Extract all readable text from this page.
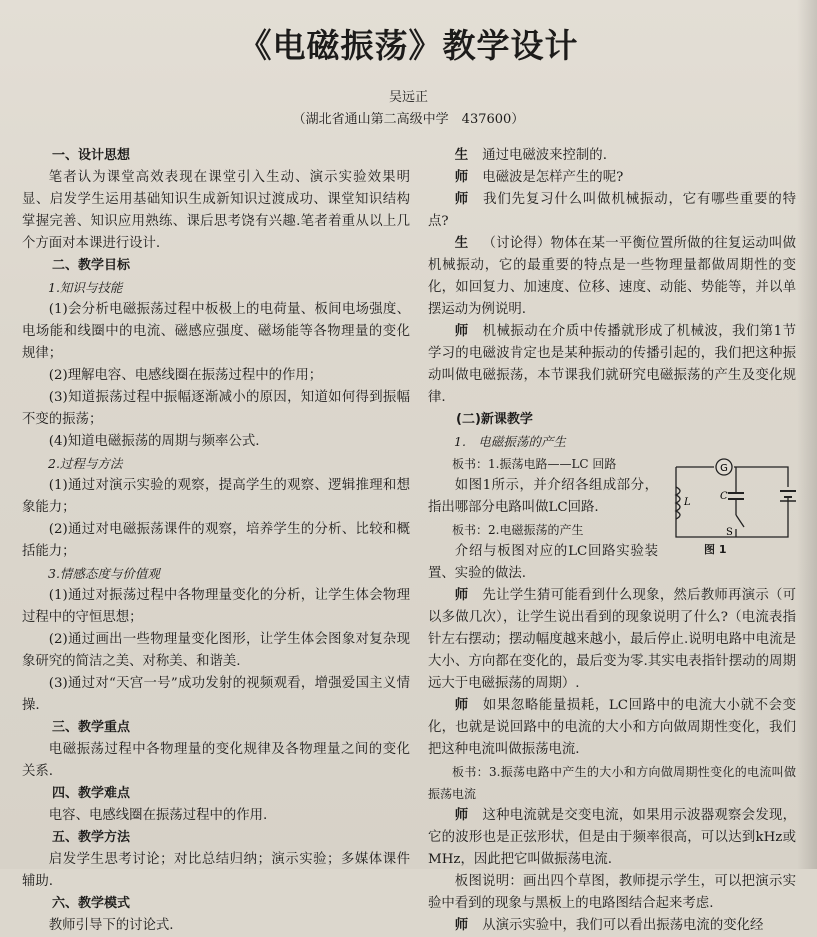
《电磁振荡》教学设计
吴远正
（湖北省通山第二高级中学　437600）

一、设计思想

笔者认为课堂高效表现在课堂引入生动、演示实验效果明显、启发学生运用基础知识生成新知识过渡成功、课堂知识结构掌握完善、知识应用熟练、课后思考饶有兴趣.笔者着重从以上几个方面对本课进行设计.

二、教学目标

1.知识与技能

(1)会分析电磁振荡过程中板极上的电荷量、板间电场强度、电场能和线圈中的电流、磁感应强度、磁场能等各物理量的变化规律；

(2)理解电容、电感线圈在振荡过程中的作用；

(3)知道振荡过程中振幅逐渐减小的原因，知道如何得到振幅不变的振荡；

(4)知道电磁振荡的周期与频率公式.

2.过程与方法

(1)通过对演示实验的观察，提高学生的观察、逻辑推理和想象能力；

(2)通过对电磁振荡课件的观察，培养学生的分析、比较和概括能力；

3.情感态度与价值观

(1)通过对振荡过程中各物理量变化的分析，让学生体会物理过程中的守恒思想；

(2)通过画出一些物理量变化图形，让学生体会图象对复杂现象研究的简洁之美、对称美、和谐美.

(3)通过对“天宫一号”成功发射的视频观看，增强爱国主义情操.

三、教学重点

电磁振荡过程中各物理量的变化规律及各物理量之间的变化关系.

四、教学难点

电容、电感线圈在振荡过程中的作用.

五、教学方法

启发学生思考讨论；对比总结归纳；演示实验；多媒体课件辅助.

六、教学模式

教师引导下的讨论式.

生 通过电磁波来控制的.

师 电磁波是怎样产生的呢?

师 我们先复习什么叫做机械振动，它有哪些重要的特点?

生 （讨论得）物体在某一平衡位置所做的往复运动叫做机械振动，它的最重要的特点是一些物理量都做周期性的变化，如回复力、加速度、位移、速度、动能、势能等，并以单摆运动为例说明.

师 机械振动在介质中传播就形成了机械波，我们第1节学习的电磁波肯定也是某种振动的传播引起的，我们把这种振动叫做电磁振荡，本节课我们就研究电磁振荡的产生及变化规律.

(二)新课教学

1.　电磁振荡的产生

板书：1.振荡电路——LC 回路

如图1所示，并介绍各组成部分，指出哪部分电路叫做LC回路.

板书：2.电磁振荡的产生

介绍与板图对应的LC回路实验装置、实验的做法.

G
L
C
S
图 1

师 先让学生猜可能看到什么现象，然后教师再演示（可以多做几次），让学生说出看到的现象说明了什么?（电流表指针左右摆动；摆动幅度越来越小，最后停止.说明电路中电流是大小、方向都在变化的，最后变为零.其实电表指针摆动的周期远大于电磁振荡的周期）.

师 如果忽略能量损耗，LC回路中的电流大小就不会变化，也就是说回路中的电流的大小和方向做周期性变化，我们把这种电流叫做振荡电流.

板书：3.振荡电路中产生的大小和方向做周期性变化的电流叫做振荡电流

师 这种电流就是交变电流，如果用示波器观察会发现，它的波形也是正弦形状，但是由于频率很高，可以达到kHz或MHz，因此把它叫做振荡电流.

板图说明：画出四个草图，教师提示学生，可以把演示实验中看到的现象与黑板上的电路图结合起来考虑.

师 从演示实验中，我们可以看出振荡电流的变化经
